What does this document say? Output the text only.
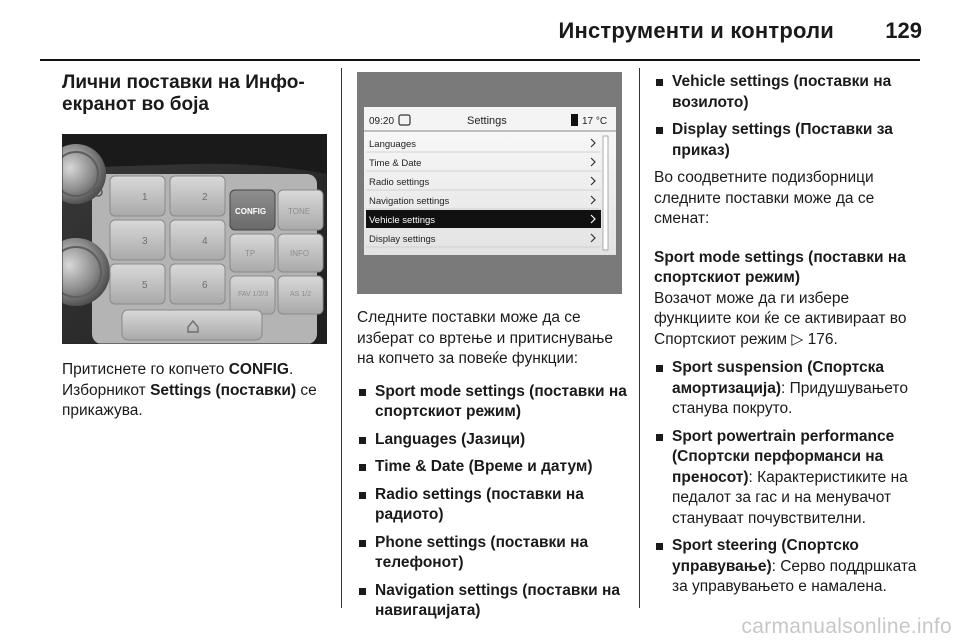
Инструменти и контроли 129
Лични поставки на Инфо-екранот во боја
1	2
3	4
5	6
CONFIG	TONE
TP	INFO
FAV 1/2/3	AS 1/2

Притиснете го копчето CONFIG. Изборникот Settings (поставки) се прикажува.

09:20	Settings	17 °C
Languages
Time & Date
Radio settings
Navigation settings
Vehicle settings
Display settings

Следните поставки може да се изберат со вртење и притиснување на копчето за повеќе функции:

Sport mode settings (поставки на спортскиот режим)
Languages (Јазици)
Time & Date (Време и датум)
Radio settings (поставки на радиото)
Phone settings (поставки на телефонот)
Navigation settings (поставки на навигацијата)
Vehicle settings (поставки на возилото)
Display settings (Поставки за приказ)

Во соодветните подизборници следните поставки може да се сменат:

Sport mode settings (поставки на спортскиот режим)

Возачот може да ги избере функциите кои ќе се активираат во Спортскиот режим ▷ 176.

Sport suspension (Спортска амортизација): Придушувањето станува покруто.
Sport powertrain performance (Спортски перформанси на преносот): Карактеристиките на педалот за гас и на менувачот стануваат почувствителни.
Sport steering (Спортско управување): Серво поддршката за управувањето е намалена.
carmanualsonline.info
